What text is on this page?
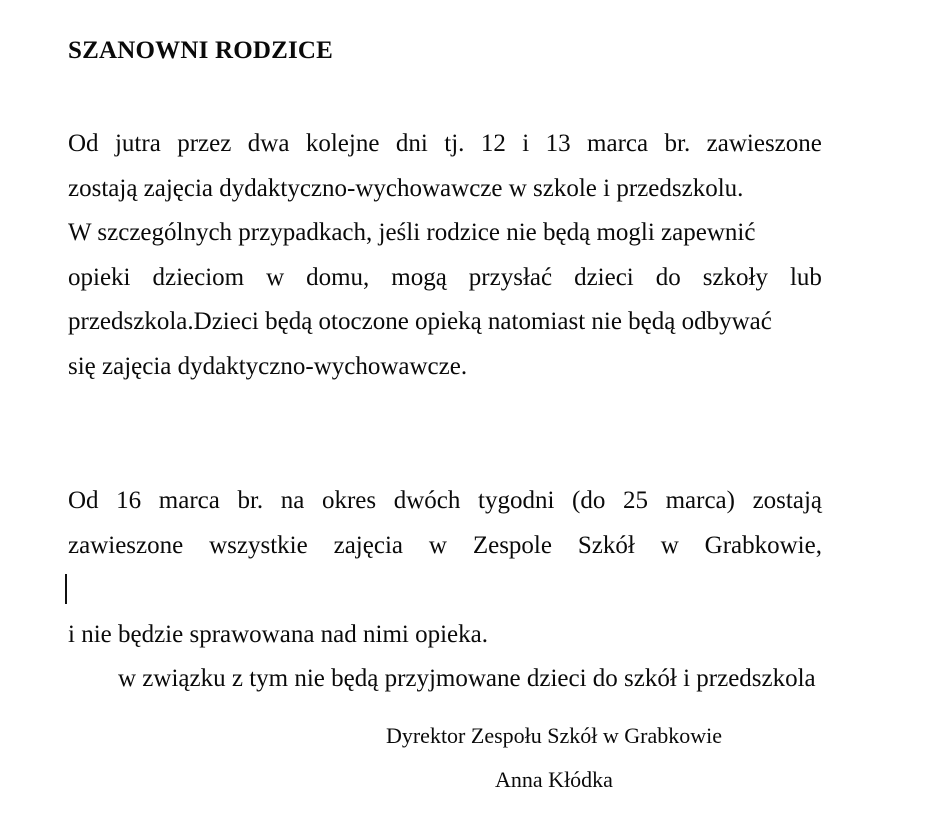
SZANOWNI RODZICE
Od jutra przez dwa kolejne dni tj. 12 i 13 marca br. zawieszone
zostają zajęcia dydaktyczno-wychowawcze w szkole i przedszkolu.
W szczególnych przypadkach, jeśli rodzice nie będą mogli zapewnić
opieki dzieciom w domu, mogą przysłać dzieci do szkoły lub
przedszkola.Dzieci będą otoczone opieką natomiast nie będą odbywać
się zajęcia dydaktyczno-wychowawcze.
Od 16 marca br. na okres dwóch tygodni (do 25 marca) zostają
zawieszone wszystkie zajęcia w Zespole Szkół w Grabkowie,

w związku z tym nie będą przyjmowane dzieci do szkół i przedszkola

i nie będzie sprawowana nad nimi opieka.
Dyrektor Zespołu Szkół w Grabkowie
Anna Kłódka
